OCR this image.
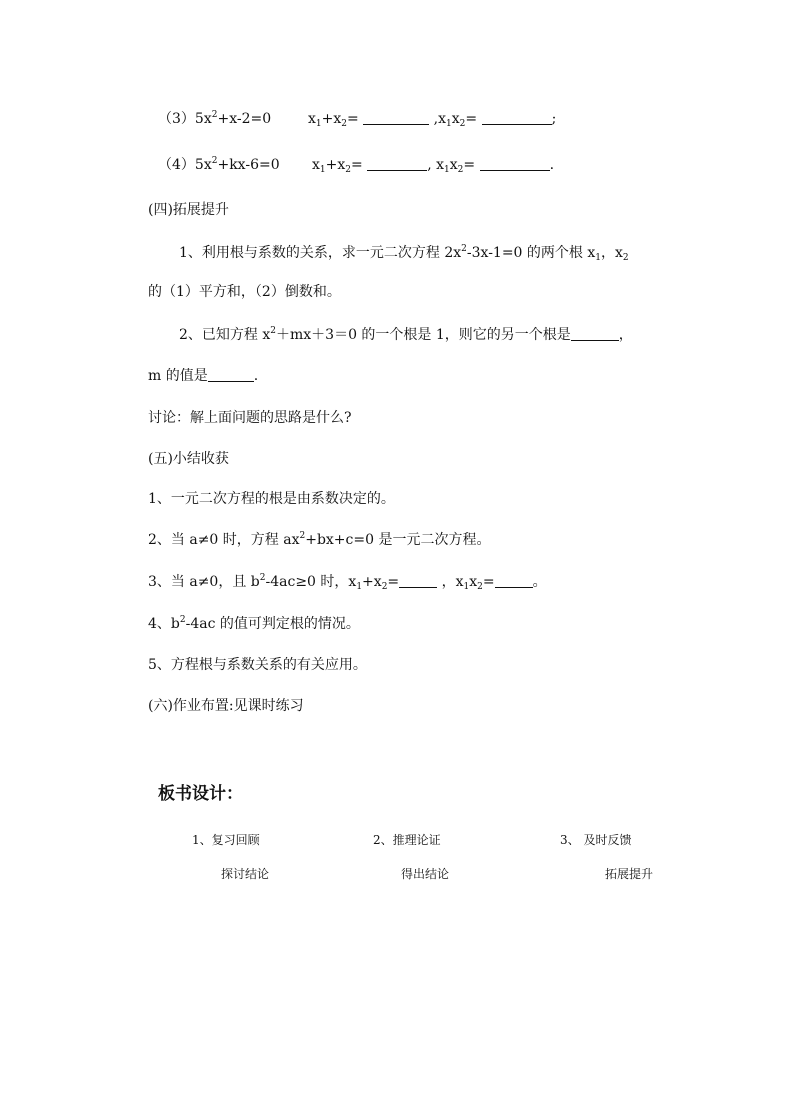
$(3)5x^2+x-2=0$	$x_1+x_2=$	$,x_1x_2=$	;
$(4)5x^2+kx-6=0$ $x_1+x_2=$	, $x_1x_2=$	.
(四)拓展提升
1、利用根与系数的关系，求一元二次方程 $2x^2-3x-1=0$ 的两个根 $x_1$，$x_2$
的（1）平方和，（2）倒数和。
2、已知方程 $x^2+mx+3=0$ 的一个根是 1，则它的另一个根是	，
m 的值是	.
讨论：解上面问题的思路是什么?
(五)小结收获
1、一元二次方程的根是由系数决定的。
2、当 a≠0 时，方程 $ax^2+bx+c=0$ 是一元二次方程。
3、当 a≠0，且 $b^2-4ac\ge 0$ 时，$x_1+x_2=$	，$x_1x_2=$	。
4、$b^2-4ac$ 的值可判定根的情况。
5、方程根与系数关系的有关应用。
(六)作业布置:见课时练习
板书设计：
1、复习回顾	2、推理论证	3、 及时反馈
探讨结论	得出结论	拓展提升
